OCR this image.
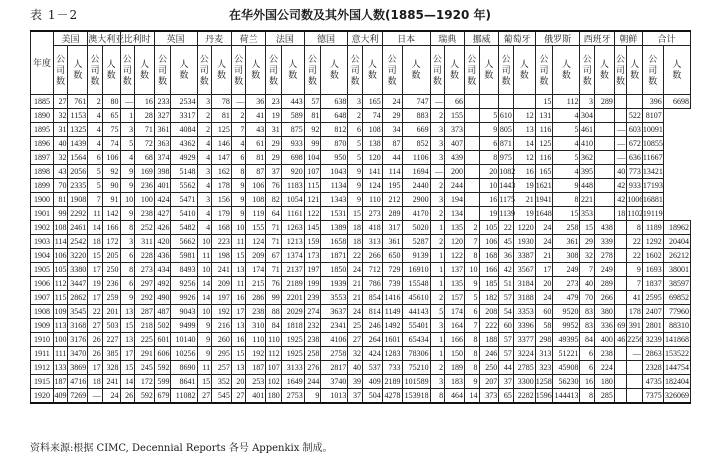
表 1－2	在华外国公司数及其外国人数(1885—1920 年)
年度	美国		澳大利亚		比利时		英国		丹麦		荷兰		法国		德国		意大利		日本		瑞典		挪威		葡萄牙		俄罗斯		西班牙		朝鲜		合计	
	公司数	人数	公司数	人数	公司数	人数	公司数	人数	公司数	人数	公司数	人数	公司数	人数	公司数	人数	公司数	人数	公司数	人数	公司数	人数	公司数	人数	公司数	人数	公司数	人数	公司数	人数	公司数	人数	公司数	人数
1885	27	761	2	80	—	16	233	2534	3	78	—	36	23	443	57	638	3	165	24	747	—	66					15	112	3	289			396	6698
1890	32	1153	4	65	1	28	327	3317	2	81	2	41	19	589	81	648	2	74	29	883	2	155		5	610	12	131	4	304			522	8107	
1895	31	1325	4	75	3	71	361	4084	2	125	7	43	31	875	92	812	6	108	34	669	3	373		9	805	13	116	5	461		—	603	10091	
1896	40	1439	4	74	5	72	363	4362	4	146	4	61	29	933	99	870	5	138	87	852	3	407		6	871	14	125	4	410		—	672	10855	
1897	32	1564	6	106	4	68	374	4929	4	147	6	81	29	698	104	950	5	120	44	1106	3	439		8	975	12	116	5	362		—	636	11667	
1898	43	2056	5	92	9	169	398	5148	3	162	8	87	37	920	107	1043	9	141	114	1694	—	200		20	1082	16	165	4	395		40	773	13421	
1899	70	2335	5	90	9	236	401	5562	4	178	9	106	76	1183	115	1134	9	124	195	2440	2	244		10	1443	19	1621	9	448		42	933	17193	
1900	81	1908	7	91	10	100	424	5471	3	156	9	108	82	1054	121	1343	9	110	212	2900	3	194		16	1175	21	1941	8	221		42	1006	16881	
1901	99	2292	11	142	9	238	427	5410	4	179	9	119	64	1161	122	1531	15	273	289	4170	2	134		19	1139	19	1648	15	353		18	1102	19119	
1902	108	2461	14	166	8	252	426	5482	4	168	10	155	71	1263	145	1389	18	418	317	5020	1	135	2	105	22	1220	24	258	15	438		8	1189	18962
1903	114	2542	18	172	3	311	420	5662	10	223	11	124	71	1213	159	1658	18	313	361	5287	2	120	7	106	45	1930	24	361	29	339		22	1292	20404
1904	106	3220	15	205	6	228	436	5981	11	198	15	209	67	1374	173	1871	22	266	650	9139	1	122	8	168	36	3387	21	308	32	278		22	1602	26212
1905	105	3380	17	250	8	273	434	8493	10	241	13	174	71	2137	197	1850	24	712	729	16910	1	137	10	166	42	3567	17	249	7	249		9	1693	38001
1906	112	3447	19	236	6	297	492	9256	14	209	11	215	76	2189	199	1939	21	786	739	15548	1	135	9	185	51	3184	20	273	40	289		7	1837	38597
1907	115	2862	17	259	9	292	490	9926	14	197	16	286	99	2201	239	3553	21	854	1416	45610	2	157	5	182	57	3188	24	479	70	266		41	2595	69852
1908	109	3545	22	201	13	287	487	9043	10	192	17	238	88	2029	274	3637	24	814	1149	44143	5	174	6	208	54	3353	60	9520	83	380		178	2407	77960
1909	113	3168	27	503	15	218	502	9499	9	216	13	310	84	1818	232	2341	25	246	1492	55401	3	164	7	222	60	3396	58	9952	83	336	69	391	2801	88310
1910	100	3176	26	227	13	225	601	10140	9	260	16	110	110	1925	238	4106	27	264	1601	65434	1	166	8	188	57	3377	298	49395	84	400	46	2256	3239	141868
1911	111	3470	26	385	17	291	606	10256	9	295	15	192	112	1925	258	2758	32	424	1283	78306	1	150	8	246	57	3224	313	51221	6	238		—	2863	153522
1912	133	3869	17	328	15	245	592	8690	11	257	13	187	107	3133	276	2817	40	537	733	75210	2	189	8	250	44	2785	323	45908	6	224			2328	144754
1915	187	4716	18	241	14	172	599	8641	15	352	20	253	102	1649	244	3740	39	409	2189	101589	3	183	9	207	37	3300	1258	56230	16	180			4735	182404
1920	409	7269	—	24	26	592	679	11082	27	545	27	401	180	2753	9	1013	37	504	4278	153918	8	464	14	373	65	2282	1596	144413	8	285			7375	326069
资料来源:根据 CIMC, Decennial Reports 各号 Appenkix 制成。
